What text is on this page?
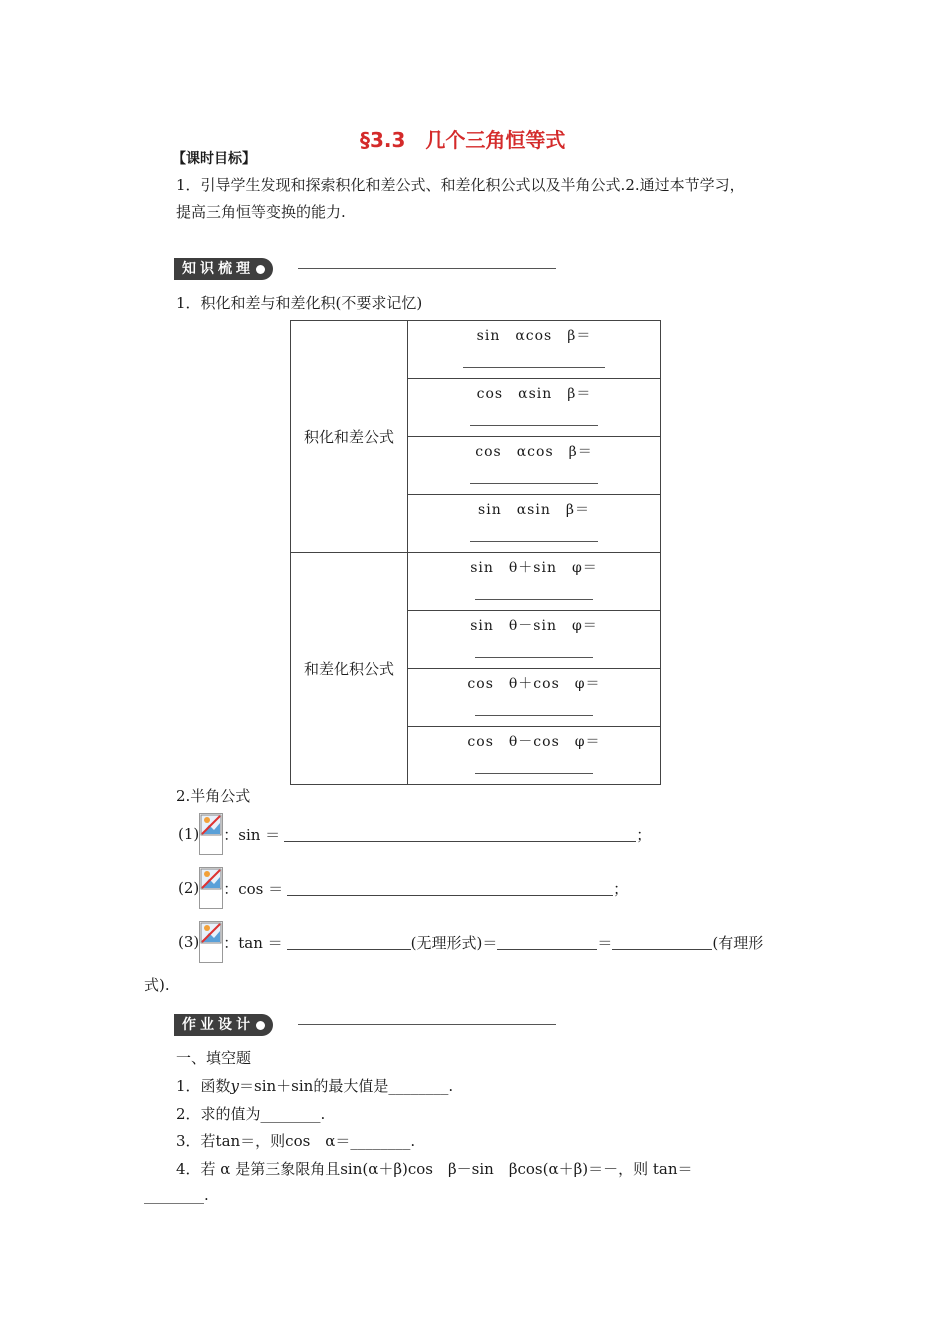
§3.3　几个三角恒等式
【课时目标】
1．引导学生发现和探索积化和差公式、和差化积公式以及半角公式.2.通过本节学习，
提高三角恒等变换的能力.
知识梳理
1．积化和差与和差化积(不要求记忆)
积化和差公式	sin　αcos　β＝

	cos　αsin　β＝

	cos　αcos　β＝

	sin　αsin　β＝

和差化积公式	sin　θ＋sin　φ＝

	sin　θ－sin　φ＝

	cos　θ＋cos　φ＝

	cos　θ－cos　φ＝
2.半角公式
(1) ：sin ＝	；
(2) ：cos ＝	；
(3) ：tan ＝	(无理形式)＝	＝	(有理形
式).
作业设计
一、填空题
1．函数y＝sin＋sin的最大值是________.
2．求的值为________.
3．若tan＝，则cos　α＝________.
4．若 α 是第三象限角且sin(α＋β)cos　β－sin　βcos(α＋β)＝－，则 tan＝
________.
